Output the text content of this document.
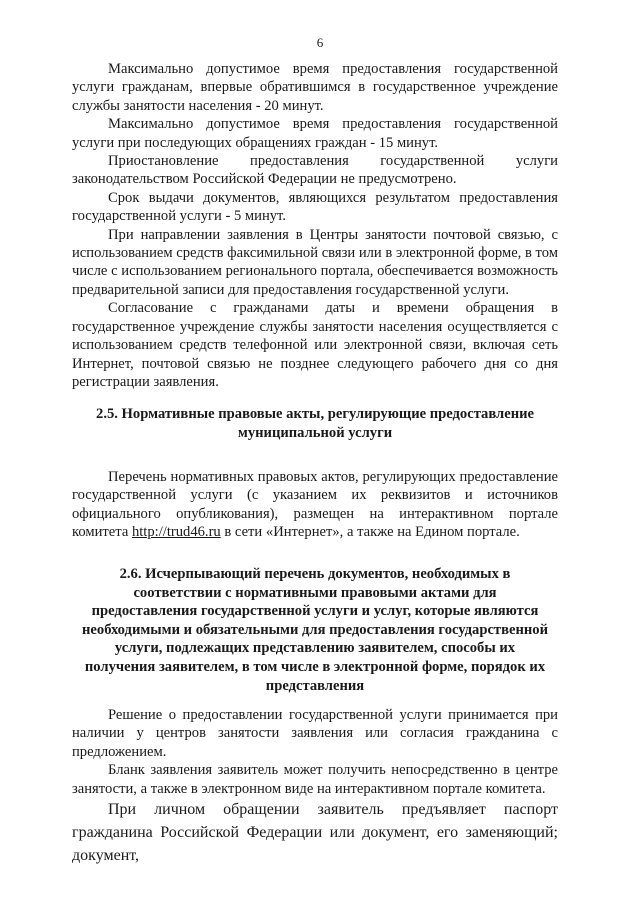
6

Максимально допустимое время предоставления государственной услуги гражданам, впервые обратившимся в государственное учреждение службы занятости населения - 20 минут.

Максимально допустимое время предоставления государственной услуги при последующих обращениях граждан - 15 минут.

Приостановление предоставления государственной услуги законодательством Российской Федерации не предусмотрено.

Срок выдачи документов, являющихся результатом предоставления государственной услуги - 5 минут.

При направлении заявления в Центры занятости почтовой связью, с использованием средств факсимильной связи или в электронной форме, в том числе с использованием регионального портала, обеспечивается возможность предварительной записи для предоставления государственной услуги.

Согласование с гражданами даты и времени обращения в государственное учреждение службы занятости населения осуществляется с использованием средств телефонной или электронной связи, включая сеть Интернет, почтовой связью не позднее следующего рабочего дня со дня регистрации заявления.

2.5. Нормативные правовые акты, регулирующие предоставление муниципальной услуги

Перечень нормативных правовых актов, регулирующих предоставление государственной услуги (с указанием их реквизитов и источников официального опубликования), размещен на интерактивном портале комитета http://trud46.ru в сети «Интернет», а также на Едином портале.

2.6. Исчерпывающий перечень документов, необходимых в соответствии с нормативными правовыми актами для предоставления государственной услуги и услуг, которые являются необходимыми и обязательными для предоставления государственной услуги, подлежащих представлению заявителем, способы их получения заявителем, в том числе в электронной форме, порядок их представления

Решение о предоставлении государственной услуги принимается при наличии у центров занятости заявления или согласия гражданина с предложением.

Бланк заявления заявитель может получить непосредственно в центре занятости, а также в электронном виде на интерактивном портале комитета.

При личном обращении заявитель предъявляет паспорт гражданина Российской Федерации или документ, его заменяющий; документ,
